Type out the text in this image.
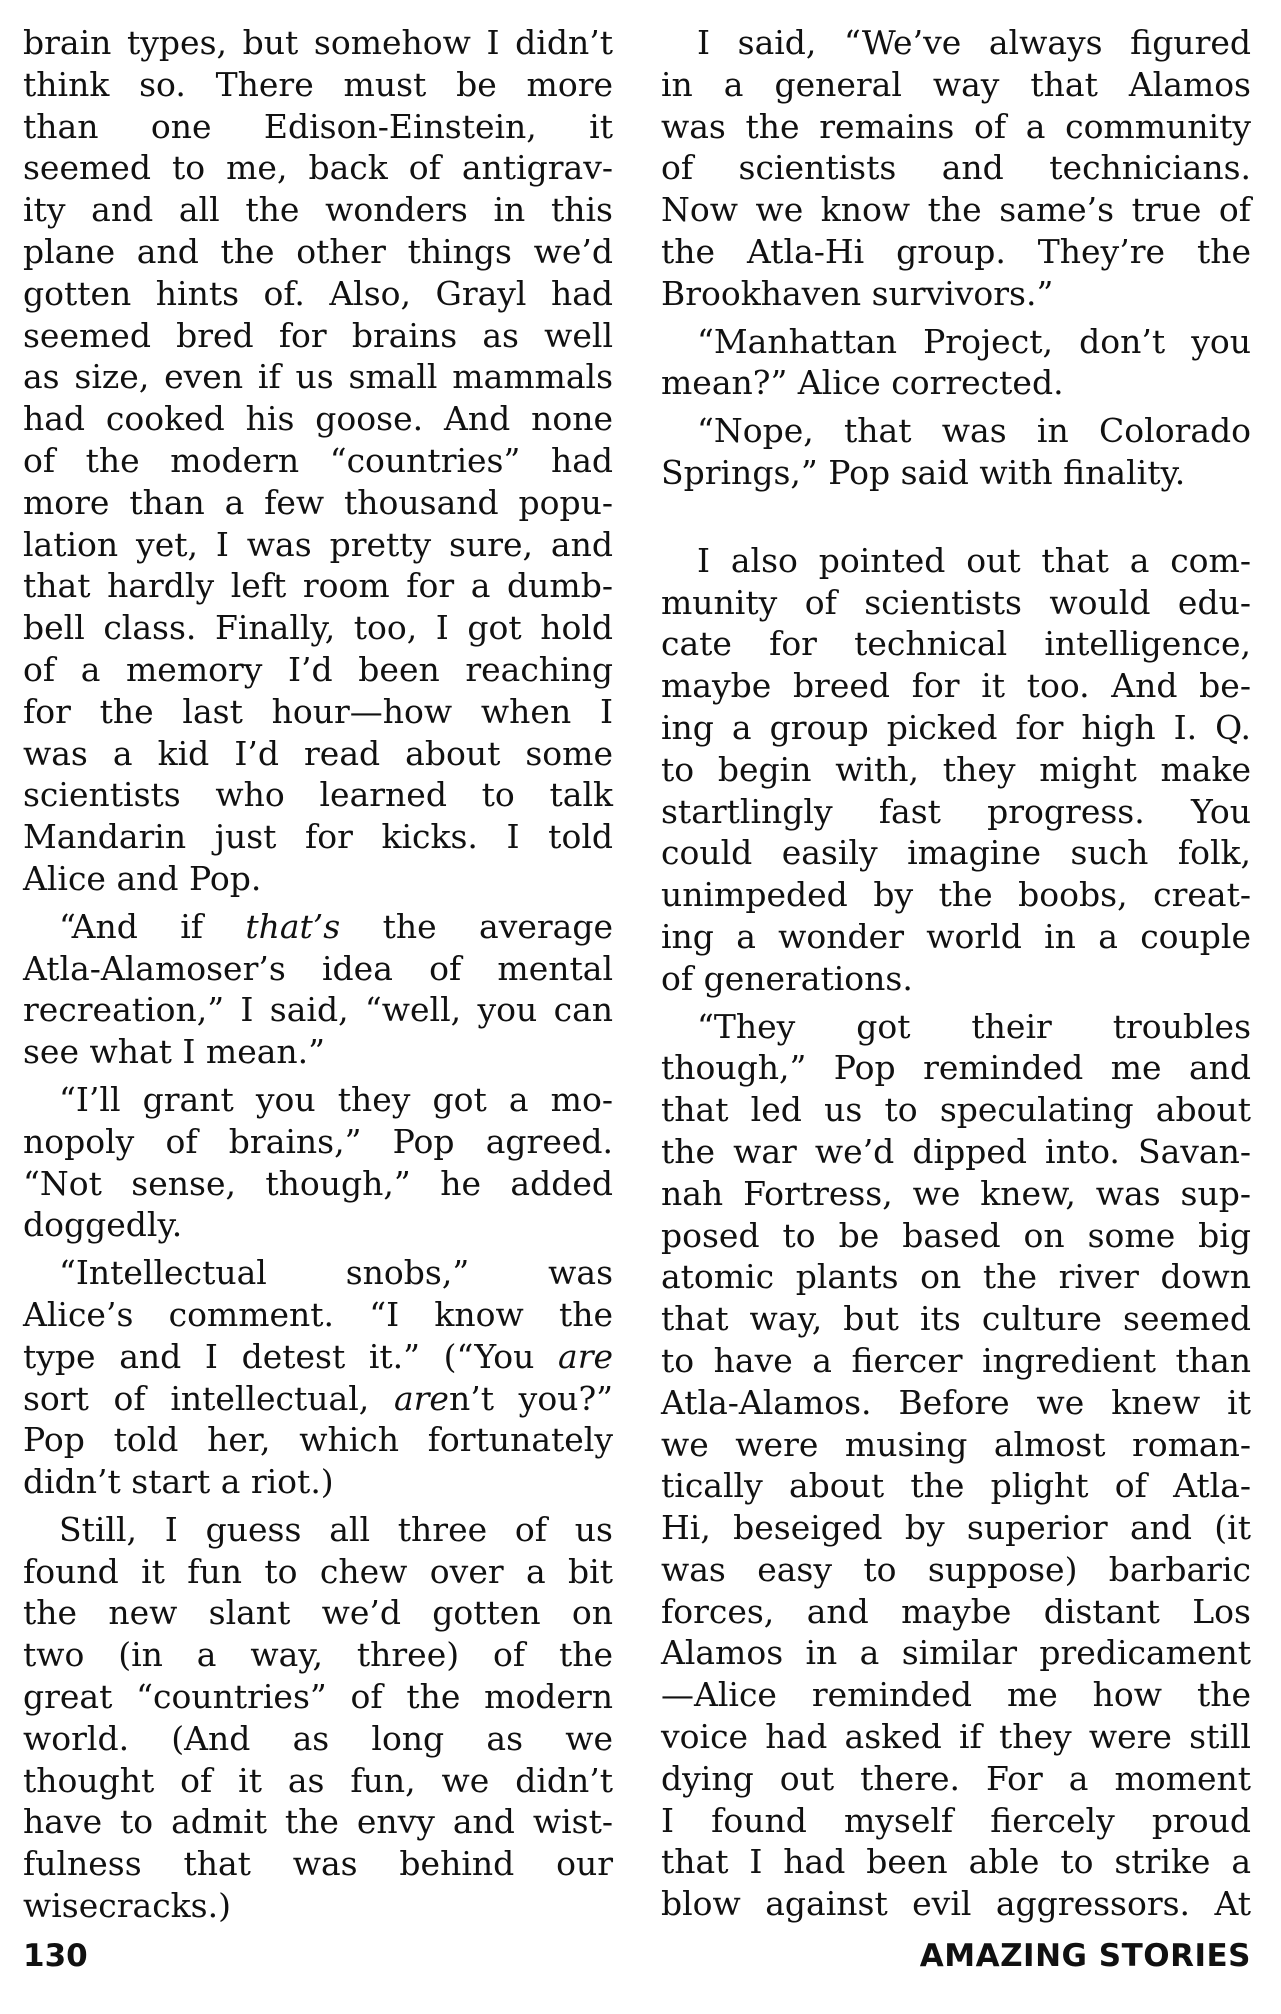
brain types, but somehow I didn’t
think so. There must be more
than one Edison-Einstein, it
seemed to me, back of antigrav-
ity and all the wonders in this
plane and the other things we’d
gotten hints of. Also, Grayl had
seemed bred for brains as well
as size, even if us small mammals
had cooked his goose. And none
of the modern “countries” had
more than a few thousand popu-
lation yet, I was pretty sure, and
that hardly left room for a dumb-
bell class. Finally, too, I got hold
of a memory I’d been reaching
for the last hour—how when I
was a kid I’d read about some
scientists who learned to talk
Mandarin just for kicks. I told
Alice and Pop.

“And if that’s the average
Atla-Alamoser’s idea of mental
recreation,” I said, “well, you can
see what I mean.”

“I’ll grant you they got a mo-
nopoly of brains,” Pop agreed.
“Not sense, though,” he added
doggedly.

“Intellectual snobs,” was
Alice’s comment. “I know the
type and I detest it.” (“You are
sort of intellectual, aren’t you?”
Pop told her, which fortunately
didn’t start a riot.)

Still, I guess all three of us
found it fun to chew over a bit
the new slant we’d gotten on
two (in a way, three) of the
great “countries” of the modern
world. (And as long as we
thought of it as fun, we didn’t
have to admit the envy and wist-
fulness that was behind our
wisecracks.)

I said, “We’ve always figured
in a general way that Alamos
was the remains of a community
of scientists and technicians.
Now we know the same’s true of
the Atla-Hi group. They’re the
Brookhaven survivors.”

“Manhattan Project, don’t you
mean?” Alice corrected.

“Nope, that was in Colorado
Springs,” Pop said with finality.

I also pointed out that a com-
munity of scientists would edu-
cate for technical intelligence,
maybe breed for it too. And be-
ing a group picked for high I. Q.
to begin with, they might make
startlingly fast progress. You
could easily imagine such folk,
unimpeded by the boobs, creat-
ing a wonder world in a couple
of generations.

“They got their troubles
though,” Pop reminded me and
that led us to speculating about
the war we’d dipped into. Savan-
nah Fortress, we knew, was sup-
posed to be based on some big
atomic plants on the river down
that way, but its culture seemed
to have a fiercer ingredient than
Atla-Alamos. Before we knew it
we were musing almost roman-
tically about the plight of Atla-
Hi, beseiged by superior and (it
was easy to suppose) barbaric
forces, and maybe distant Los
Alamos in a similar predicament
—Alice reminded me how the
voice had asked if they were still
dying out there. For a moment
I found myself fiercely proud
that I had been able to strike a
blow against evil aggressors. At

130	AMAZING STORIES
